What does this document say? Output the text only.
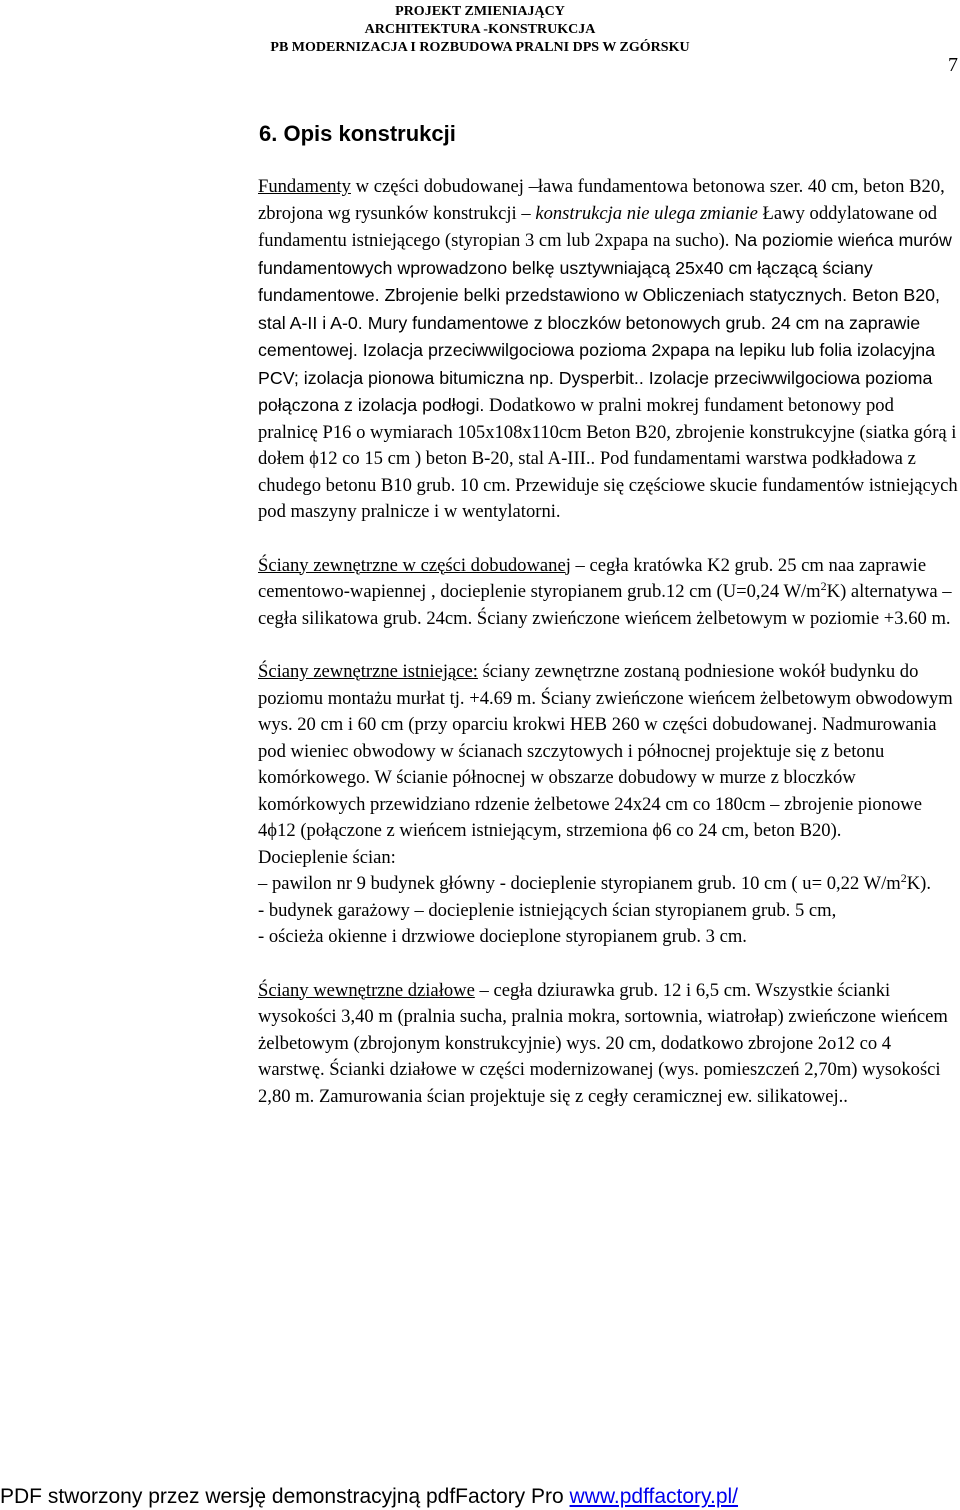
PROJEKT ZMIENIAJĄCY
ARCHITEKTURA -KONSTRUKCJA
PB MODERNIZACJA I ROZBUDOWA PRALNI DPS W ZGÓRSKU
7
6. Opis konstrukcji

Fundamenty w części dobudowanej –ława fundamentowa betonowa szer. 40 cm, beton B20, zbrojona wg rysunków konstrukcji – konstrukcja nie ulega zmianie Ławy oddylatowane od fundamentu istniejącego (styropian 3 cm lub 2xpapa na sucho). Na poziomie wieńca murów fundamentowych wprowadzono belkę usztywniającą 25x40 cm łączącą ściany fundamentowe. Zbrojenie belki przedstawiono w Obliczeniach statycznych. Beton B20, stal A-II i A-0. Mury fundamentowe z bloczków betonowych grub. 24 cm na zaprawie cementowej. Izolacja przeciwwilgociowa pozioma 2xpapa na lepiku lub folia izolacyjna PCV; izolacja pionowa bitumiczna np. Dysperbit.. Izolacje przeciwwilgociowa pozioma połączona z izolacja podłogi. Dodatkowo w pralni mokrej fundament betonowy pod pralnicę P16 o wymiarach 105x108x110cm Beton B20, zbrojenie konstrukcyjne (siatka górą i dołem ϕ12 co 15 cm ) beton B-20, stal A-III.. Pod fundamentami warstwa podkładowa z chudego betonu B10 grub. 10 cm. Przewiduje się częściowe skucie fundamentów istniejących pod maszyny pralnicze i w wentylatorni.

Ściany zewnętrzne w części dobudowanej – cegła kratówka K2 grub. 25 cm naa zaprawie cementowo-wapiennej , docieplenie styropianem grub.12 cm (U=0,24 $W/m^2K$) alternatywa – cegła silikatowa grub. 24cm. Ściany zwieńczone wieńcem żelbetowym w poziomie +3.60 m.

Ściany zewnętrzne istniejące: ściany zewnętrzne zostaną podniesione wokół budynku do poziomu montażu murłat tj. +4.69 m. Ściany zwieńczone wieńcem żelbetowym obwodowym wys. 20 cm i 60 cm (przy oparciu krokwi HEB 260 w części dobudowanej. Nadmurowania pod wieniec obwodowy w ścianach szczytowych i północnej projektuje się z betonu komórkowego. W ścianie północnej w obszarze dobudowy w murze z bloczków komórkowych przewidziano rdzenie żelbetowe 24x24 cm co 180cm – zbrojenie pionowe 4ϕ12 (połączone z wieńcem istniejącym, strzemiona ϕ6 co 24 cm, beton B20).

Docieplenie ścian:

– pawilon nr 9 budynek główny - docieplenie styropianem grub. 10 cm ( u= 0,22 $W/m^2K$).

- budynek garażowy – docieplenie istniejących ścian styropianem grub. 5 cm,

- ościeża okienne i drzwiowe docieplone styropianem grub. 3 cm.

Ściany wewnętrzne działowe – cegła dziurawka grub. 12 i 6,5 cm. Wszystkie ścianki wysokości 3,40 m (pralnia sucha, pralnia mokra, sortownia, wiatrołap) zwieńczone wieńcem żelbetowym (zbrojonym konstrukcyjnie) wys. 20 cm, dodatkowo zbrojone 2o12 co 4 warstwę. Ścianki działowe w części modernizowanej (wys. pomieszczeń 2,70m) wysokości 2,80 m. Zamurowania ścian projektuje się z cegły ceramicznej ew. silikatowej..

PDF stworzony przez wersję demonstracyjną pdfFactory Pro www.pdffactory.pl/
